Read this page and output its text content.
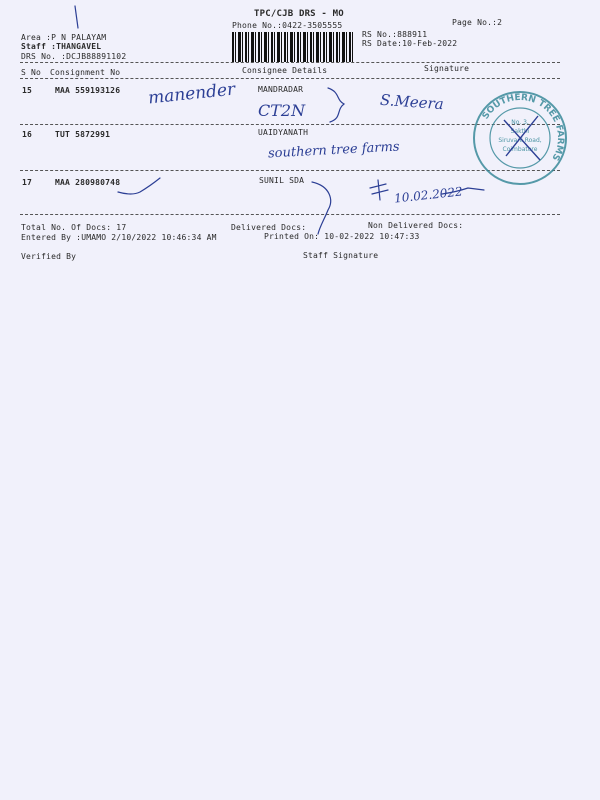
TPC/CJB DRS - MO
Phone No.:0422-3505555	Page No.:2
Area :P N PALAYAM
Staff :THANGAVEL
DRS No. :DCJB88891102
RS No.:888911
RS Date:10-Feb-2022
S No Consignment No	Consignee Details	Signature
15	MAA 559193126	MANDRADAR
16	TUT 5872991	UAIDYANATH
17	MAA 280980748	SUNIL SDA
Total No. Of Docs: 17	Delivered Docs:	Non Delivered Docs:
Entered By :UMAMO 2/10/2022 10:46:34 AM	Printed On: 10-02-2022 10:47:33
Verified By	Staff Signature
manender
CT2N	S.Meera
southern tree farms
10.02.2022
SOUTHERN TREE FARMS
No. 3,
Sakthi
Siruvani Road,
Coimbatore
